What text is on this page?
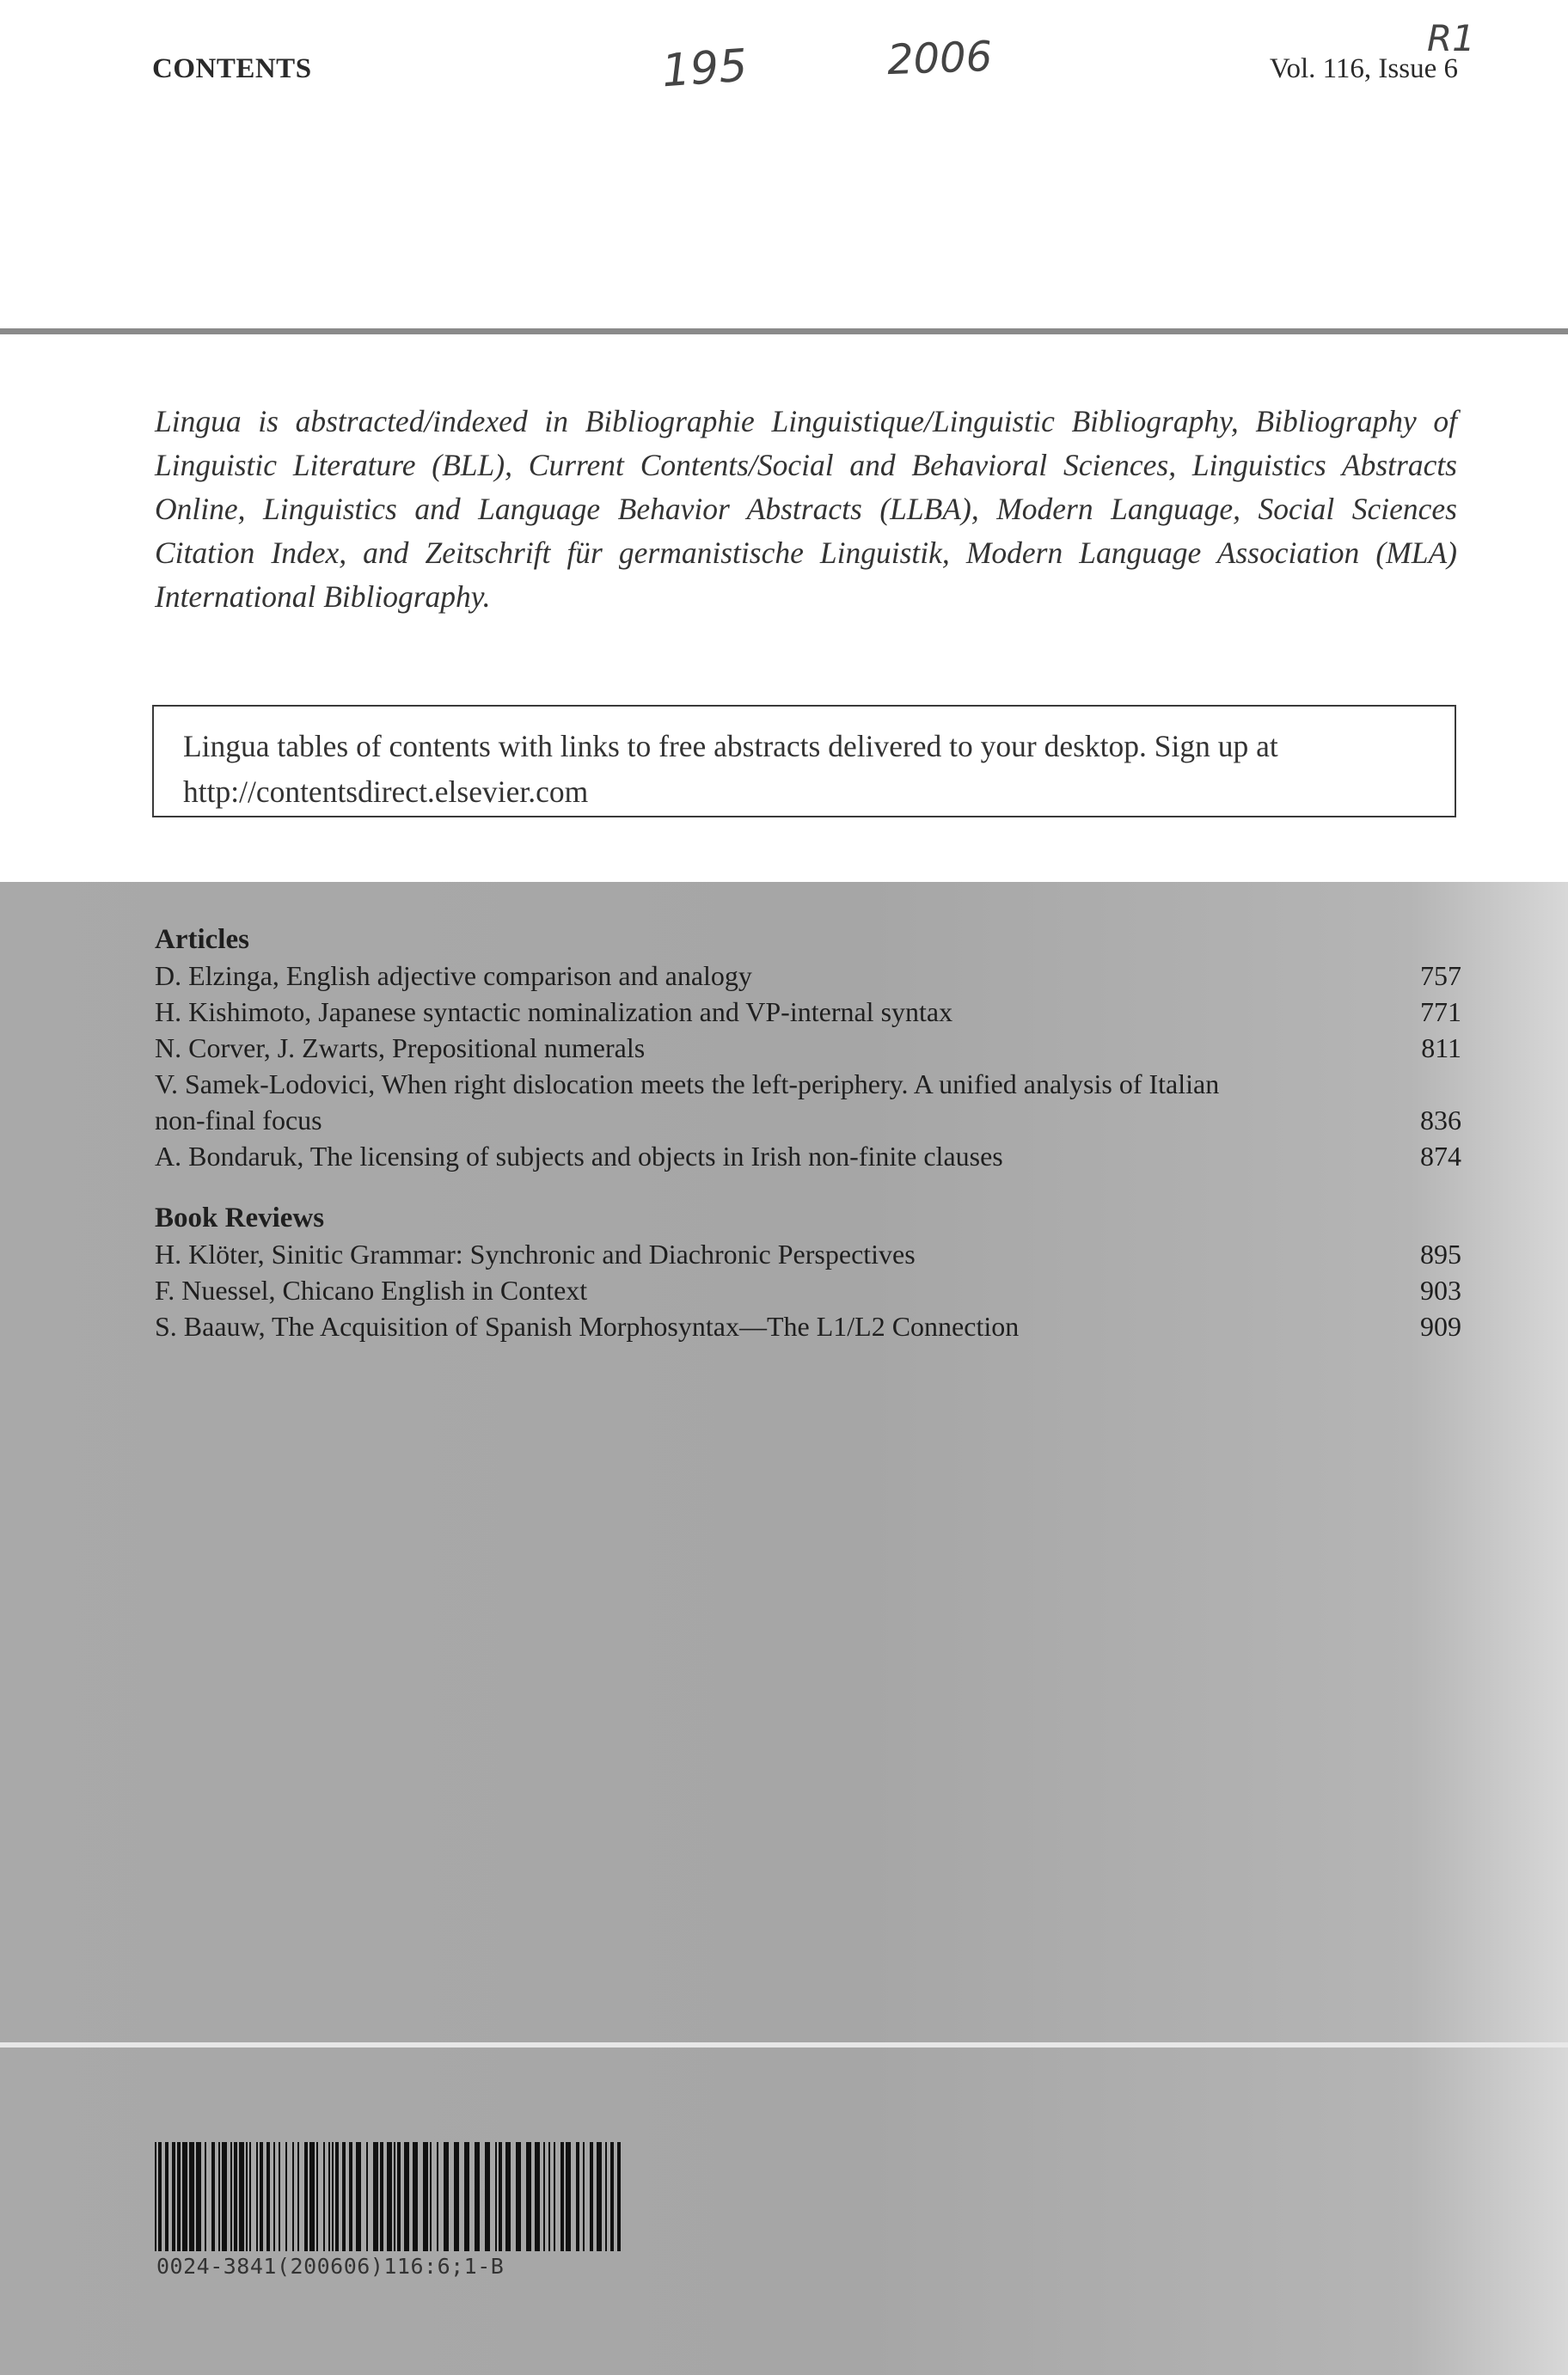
CONTENTS	195	2006	R1
Vol. 116, Issue 6
Lingua is abstracted/indexed in Bibliographie Linguistique/Linguistic Bibliography, Bibliography of Linguistic Literature (BLL), Current Contents/Social and Behavioral Sciences, Linguistics Abstracts Online, Linguistics and Language Behavior Abstracts (LLBA), Modern Language, Social Sciences Citation Index, and Zeitschrift für germanistische Linguistik, Modern Language Association (MLA) International Bibliography.
Lingua tables of contents with links to free abstracts delivered to your desktop. Sign up at
http://contentsdirect.elsevier.com
Articles
D. Elzinga, English adjective comparison and analogy	757
H. Kishimoto, Japanese syntactic nominalization and VP-internal syntax	771
N. Corver, J. Zwarts, Prepositional numerals	811
V. Samek-Lodovici, When right dislocation meets the left-periphery. A unified analysis of Italian
non-final focus	836
A. Bondaruk, The licensing of subjects and objects in Irish non-finite clauses	874
Book Reviews
H. Klöter, Sinitic Grammar: Synchronic and Diachronic Perspectives	895
F. Nuessel, Chicano English in Context	903
S. Baauw, The Acquisition of Spanish Morphosyntax—The L1/L2 Connection	909
0024-3841(200606)116:6;1-B
